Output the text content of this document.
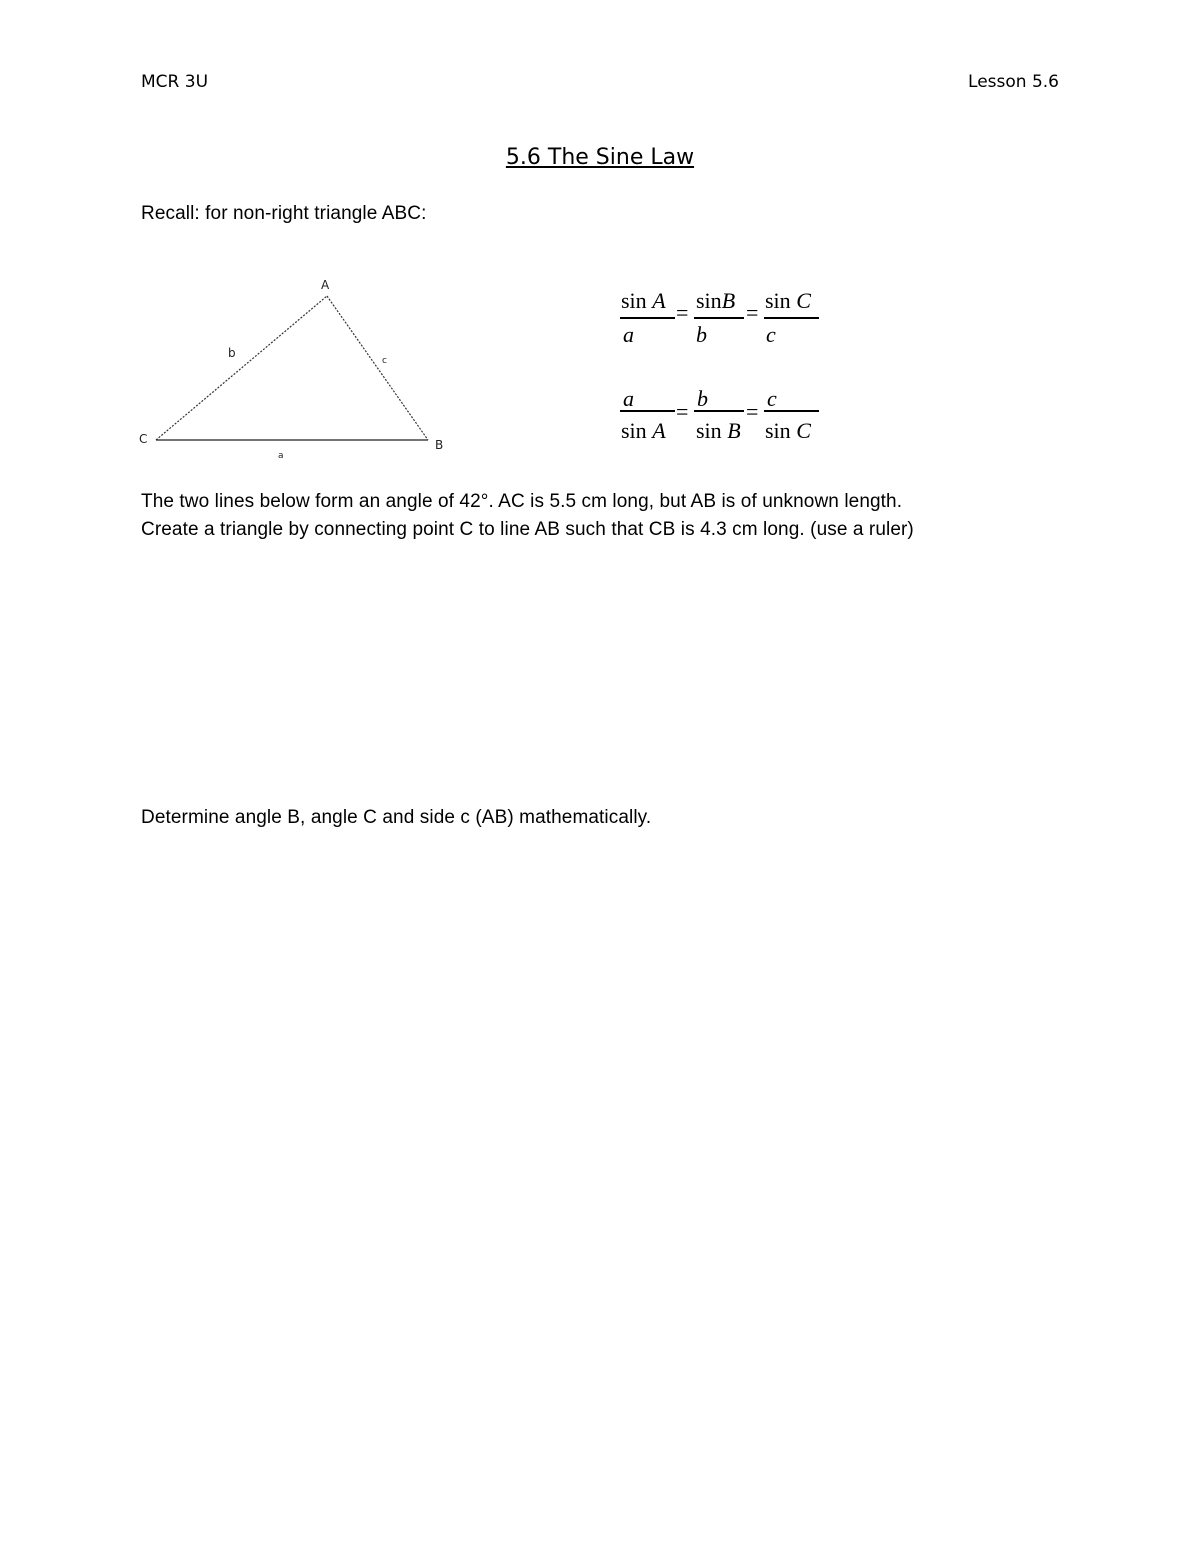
MCR 3U	Lesson 5.6
5.6 The Sine Law
Recall: for non-right triangle ABC:
A
B
C
b
c
a
sin A
a
= sinB
b
= sin C
c
a
sin A
=
b
sin B
=
c
sin C
The two lines below form an angle of 42°. AC is 5.5 cm long, but AB is of unknown length.
Create a triangle by connecting point C to line AB such that CB is 4.3 cm long. (use a ruler)
Determine angle B, angle C and side c (AB) mathematically.
